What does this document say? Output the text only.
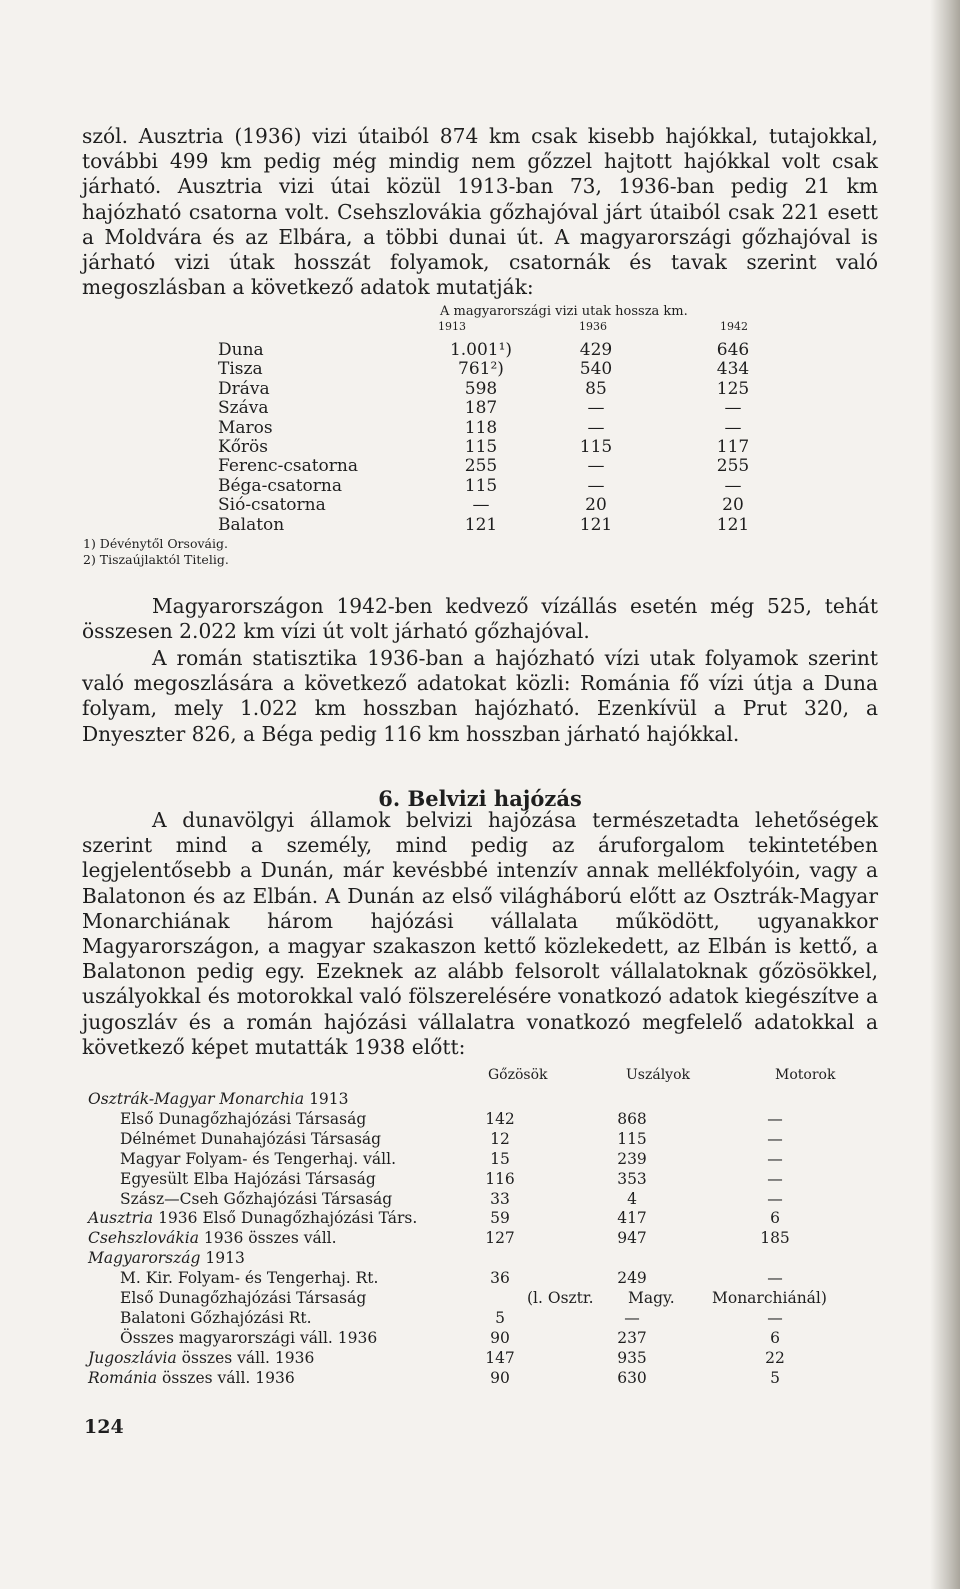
szól. Ausztria (1936) vizi útaiból 874 km csak kisebb hajókkal, tutajokkal, további 499 km pedig még mindig nem gőzzel hajtott hajókkal volt csak járható. Ausztria vizi útai közül 1913-ban 73, 1936-ban pedig 21 km hajózható csatorna volt. Csehszlovákia gőzhajóval járt útaiból csak 221 esett a Moldvára és az Elbára, a többi dunai út. A magyarországi gőzhajóval is járható vizi útak hosszát folyamok, csatornák és tavak szerint való megoszlásban a következő adatok mutatják:

A magyarországi vizi utak hossza km.
1913	1936	1942
Duna	1.001¹)	429	646
Tisza	761²)	540	434
Dráva	598	85	125
Száva	187	—	—
Maros	118	—	—
Kőrös	115	115	117
Ferenc-csatorna	255	—	255
Béga-csatorna	115	—	—
Sió-csatorna	—	20	20
Balaton	121	121	121
1) Dévénytől Orsováig.
2) Tiszaújlaktól Titelig.

Magyarországon 1942-ben kedvező vízállás esetén még 525, tehát összesen 2.022 km vízi út volt járható gőzhajóval.

A román statisztika 1936-ban a hajózható vízi utak folyamok szerint való megoszlására a következő adatokat közli: Románia fő vízi útja a Duna folyam, mely 1.022 km hosszban hajózható. Ezenkívül a Prut 320, a Dnyeszter 826, a Béga pedig 116 km hosszban járható hajókkal.

6. Belvizi hajózás

A dunavölgyi államok belvizi hajózása természetadta lehetőségek szerint mind a személy, mind pedig az áruforgalom tekintetében legjelentősebb a Dunán, már kevésbbé intenzív annak mellékfolyóin, vagy a Balatonon és az Elbán. A Dunán az első világháború előtt az Osztrák-Magyar Monarchiának három hajózási vállalata működött, ugyanakkor Magyarországon, a magyar szakaszon kettő közlekedett, az Elbán is kettő, a Balatonon pedig egy. Ezeknek az alább felsorolt vállalatoknak gőzösökkel, uszályokkal és motorokkal való fölszerelésére vonatkozó adatok kiegészítve a jugoszláv és a román hajózási vállalatra vonatkozó megfelelő adatokkal a következő képet mutatták 1938 előtt:

Gőzösök	Uszályok	Motorok
Osztrák-Magyar Monarchia 1913
Első Dunagőzhajózási Társaság	142	868	—
Délnémet Dunahajózási Társaság	12	115	—
Magyar Folyam- és Tengerhaj. váll.	15	239	—
Egyesült Elba Hajózási Társaság	116	353	—
Szász—Cseh Gőzhajózási Társaság	33	4	—
Ausztria 1936 Első Dunagőzhajózási Társ.	59	417	6
Csehszlovákia 1936 összes váll.	127	947	185
Magyarország 1913
M. Kir. Folyam- és Tengerhaj. Rt.	36	249	—
Első Dunagőzhajózási Társaság	(l. Osztr. Magy. Monarchiánál)
Balatoni Gőzhajózási Rt.	5	—	—
Összes magyarországi váll. 1936	90	237	6
Jugoszlávia összes váll. 1936	147	935	22
Románia összes váll. 1936	90	630	5
124
